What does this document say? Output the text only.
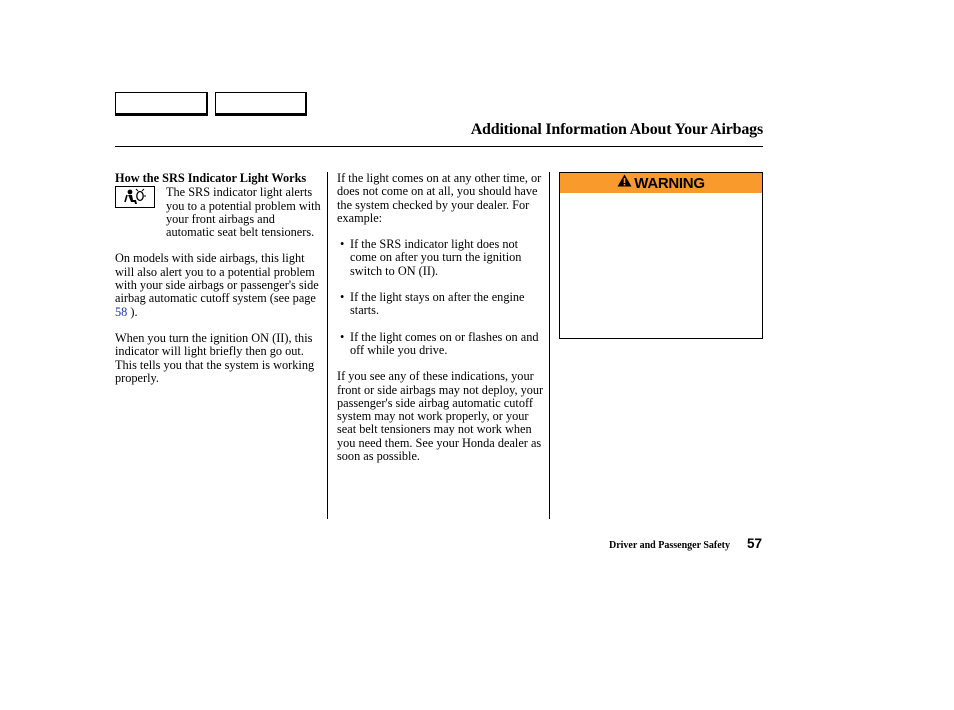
Additional Information About Your Airbags

How the SRS Indicator Light Works

The SRS indicator light alerts you to a potential problem with your front airbags and automatic seat belt tensioners.

On models with side airbags, this light will also alert you to a potential problem with your side airbags or passenger's side airbag automatic cutoff system (see page 58 ).

When you turn the ignition ON (II), this indicator will light briefly then go out. This tells you that the system is working properly.

If the light comes on at any other time, or does not come on at all, you should have the system checked by your dealer. For example:

• If the SRS indicator light does not come on after you turn the ignition switch to ON (II).
• If the light stays on after the engine starts.
• If the light comes on or flashes on and off while you drive.

If you see any of these indications, your front or side airbags may not deploy, your passenger's side airbag automatic cutoff system may not work properly, or your seat belt tensioners may not work when you need them. See your Honda dealer as soon as possible.

WARNING
Driver and Passenger Safety 57
